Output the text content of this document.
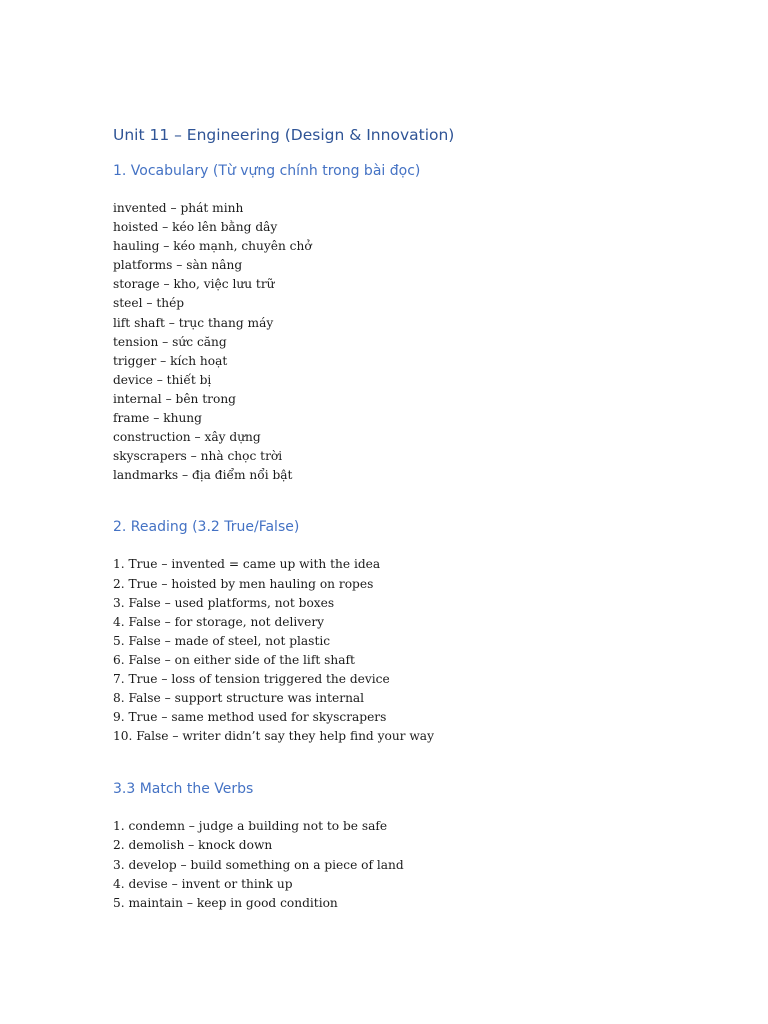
Unit 11 – Engineering (Design & Innovation)
1. Vocabulary (Từ vựng chính trong bài đọc)
invented – phát minh
hoisted – kéo lên bằng dây
hauling – kéo mạnh, chuyên chở
platforms – sàn nâng
storage – kho, việc lưu trữ
steel – thép
lift shaft – trục thang máy
tension – sức căng
trigger – kích hoạt
device – thiết bị
internal – bên trong
frame – khung
construction – xây dựng
skyscrapers – nhà chọc trời
landmarks – địa điểm nổi bật
2. Reading (3.2 True/False)
1. True – invented = came up with the idea
2. True – hoisted by men hauling on ropes
3. False – used platforms, not boxes
4. False – for storage, not delivery
5. False – made of steel, not plastic
6. False – on either side of the lift shaft
7. True – loss of tension triggered the device
8. False – support structure was internal
9. True – same method used for skyscrapers
10. False – writer didn’t say they help find your way
3.3 Match the Verbs
1. condemn – judge a building not to be safe
2. demolish – knock down
3. develop – build something on a piece of land
4. devise – invent or think up
5. maintain – keep in good condition
